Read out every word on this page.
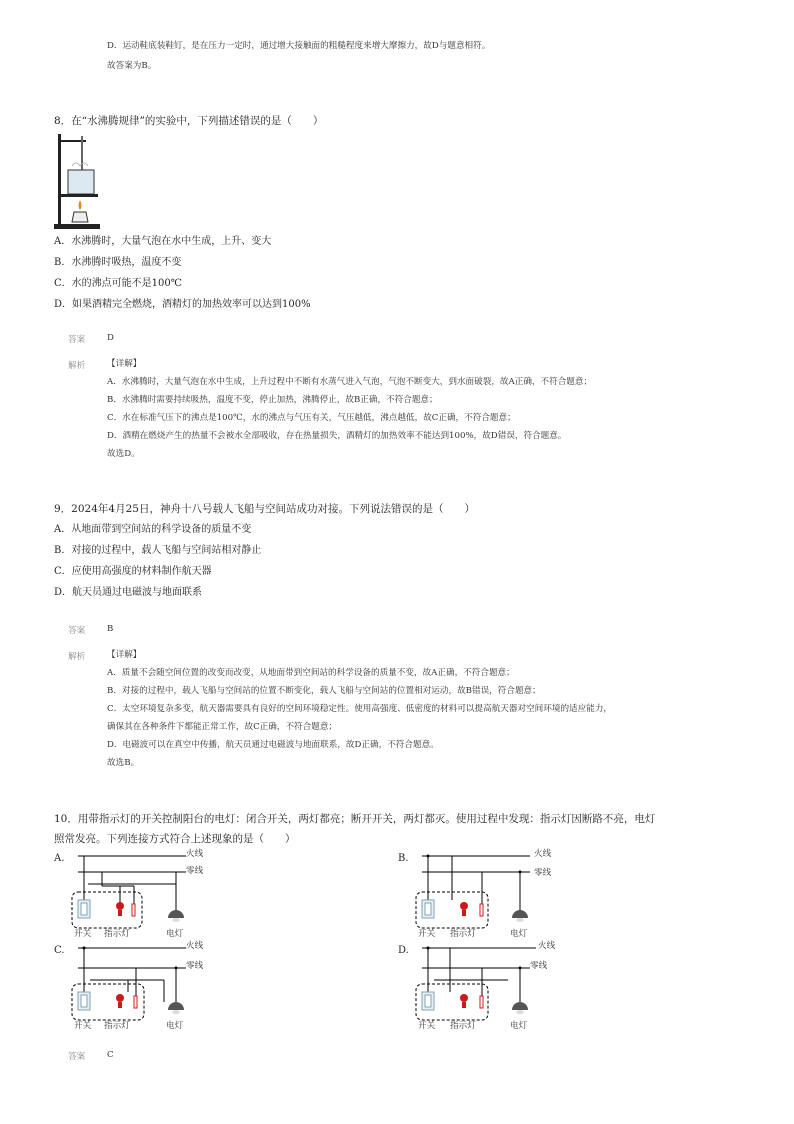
D．运动鞋底装鞋钉，是在压力一定时，通过增大接触面的粗糙程度来增大摩擦力，故D与题意相符。
故答案为B。
8．在“水沸腾规律”的实验中，下列描述错误的是（　　）
A．水沸腾时，大量气泡在水中生成，上升、变大
B．水沸腾时吸热，温度不变
C．水的沸点可能不是100℃
D．如果酒精完全燃烧，酒精灯的加热效率可以达到100%
答案	D
解析	【详解】
A．水沸腾时，大量气泡在水中生成，上升过程中不断有水蒸气进入气泡，气泡不断变大，到水面破裂，故A正确，不符合题意；
B．水沸腾时需要持续吸热，温度不变，停止加热，沸腾停止，故B正确，不符合题意；
C．水在标准气压下的沸点是100℃，水的沸点与气压有关，气压越低，沸点越低，故C正确，不符合题意；
D．酒精在燃烧产生的热量不会被水全部吸收，存在热量损失，酒精灯的加热效率不能达到100%，故D错误，符合题意。
故选D。
9．2024年4月25日，神舟十八号载人飞船与空间站成功对接。下列说法错误的是（　　）
A．从地面带到空间站的科学设备的质量不变
B．对接的过程中，载人飞船与空间站相对静止
C．应使用高强度的材料制作航天器
D．航天员通过电磁波与地面联系
答案	B
解析	【详解】
A．质量不会随空间位置的改变而改变，从地面带到空间站的科学设备的质量不变，故A正确，不符合题意；
B．对接的过程中，载人飞船与空间站的位置不断变化，载人飞船与空间站的位置相对运动，故B错误，符合题意；
C．太空环境复杂多变，航天器需要具有良好的空间环境稳定性。使用高强度、低密度的材料可以提高航天器对空间环境的适应能力，
确保其在各种条件下都能正常工作，故C正确，不符合题意；
D．电磁波可以在真空中传播，航天员通过电磁波与地面联系，故D正确，不符合题意。
故选B。
10．用带指示灯的开关控制阳台的电灯：闭合开关，两灯都亮；断开开关，两灯都灭。使用过程中发现：指示灯因断路不亮，电灯
照常发亮。下列连接方式符合上述现象的是（　　）
A.	火线
零线
开关 指示灯	电灯
B.	火线
零线
开关 指示灯	电灯
C.	火线
零线
开关 指示灯	电灯
D.	火线
零线
开关 指示灯	电灯
答案	C
